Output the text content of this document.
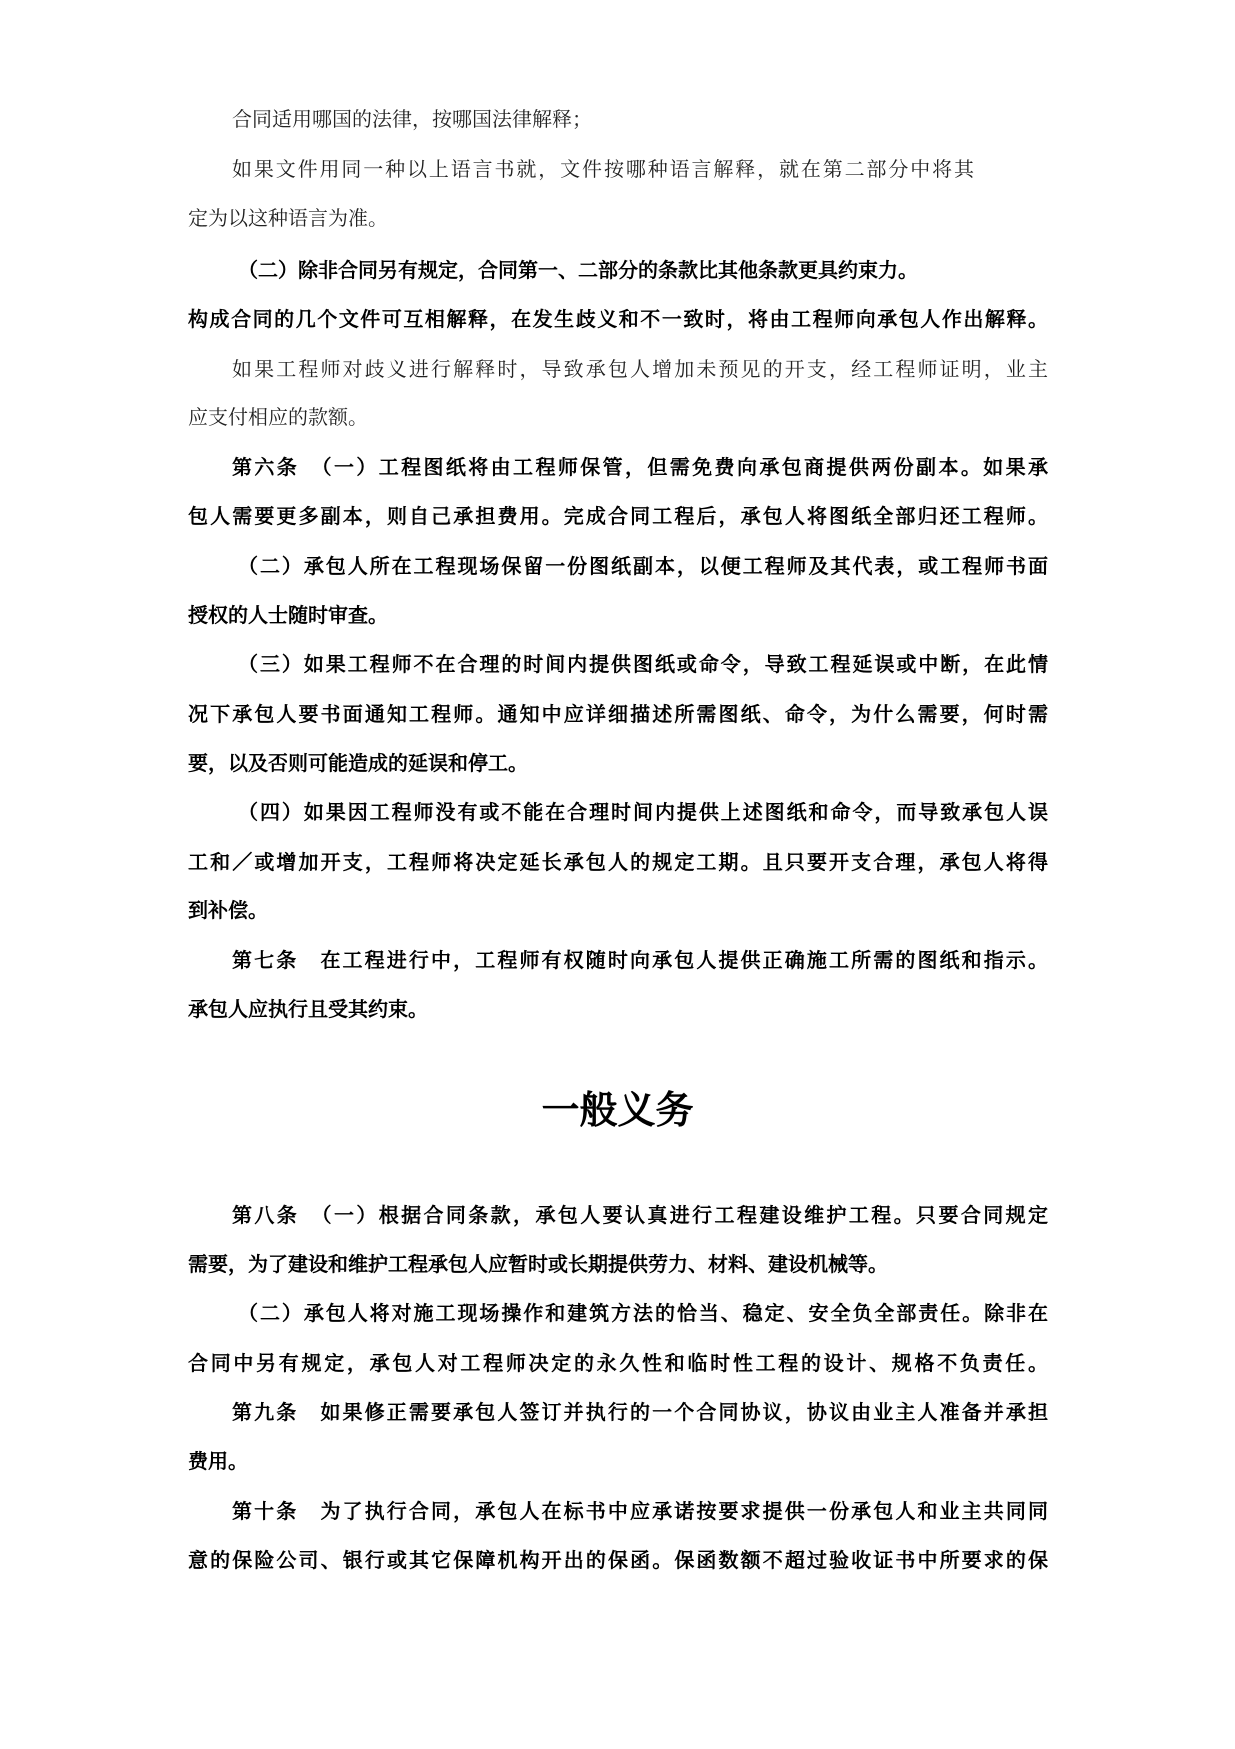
合同适用哪国的法律，按哪国法律解释；
如果文件用同一种以上语言书就，文件按哪种语言解释，就在第二部分中将其
定为以这种语言为准。
（二）除非合同另有规定，合同第一、二部分的条款比其他条款更具约束力。
构成合同的几个文件可互相解释，在发生歧义和不一致时，将由工程师向承包人作出解释。
如果工程师对歧义进行解释时，导致承包人增加未预见的开支，经工程师证明，业主
应支付相应的款额。
第六条　（一）工程图纸将由工程师保管，但需免费向承包商提供两份副本。如果承
包人需要更多副本，则自己承担费用。完成合同工程后，承包人将图纸全部归还工程师。
（二）承包人所在工程现场保留一份图纸副本，以便工程师及其代表，或工程师书面
授权的人士随时审查。
（三）如果工程师不在合理的时间内提供图纸或命令，导致工程延误或中断，在此情
况下承包人要书面通知工程师。通知中应详细描述所需图纸、命令，为什么需要，何时需
要，以及否则可能造成的延误和停工。
（四）如果因工程师没有或不能在合理时间内提供上述图纸和命令，而导致承包人误
工和／或增加开支，工程师将决定延长承包人的规定工期。且只要开支合理，承包人将得
到补偿。
第七条　在工程进行中，工程师有权随时向承包人提供正确施工所需的图纸和指示。
承包人应执行且受其约束。
一般义务
第八条　（一）根据合同条款，承包人要认真进行工程建设维护工程。只要合同规定
需要，为了建设和维护工程承包人应暂时或长期提供劳力、材料、建设机械等。
（二）承包人将对施工现场操作和建筑方法的恰当、稳定、安全负全部责任。除非在
合同中另有规定，承包人对工程师决定的永久性和临时性工程的设计、规格不负责任。
第九条　如果修正需要承包人签订并执行的一个合同协议，协议由业主人准备并承担
费用。
第十条　为了执行合同，承包人在标书中应承诺按要求提供一份承包人和业主共同同
意的保险公司、银行或其它保障机构开出的保函。保函数额不超过验收证书中所要求的保
